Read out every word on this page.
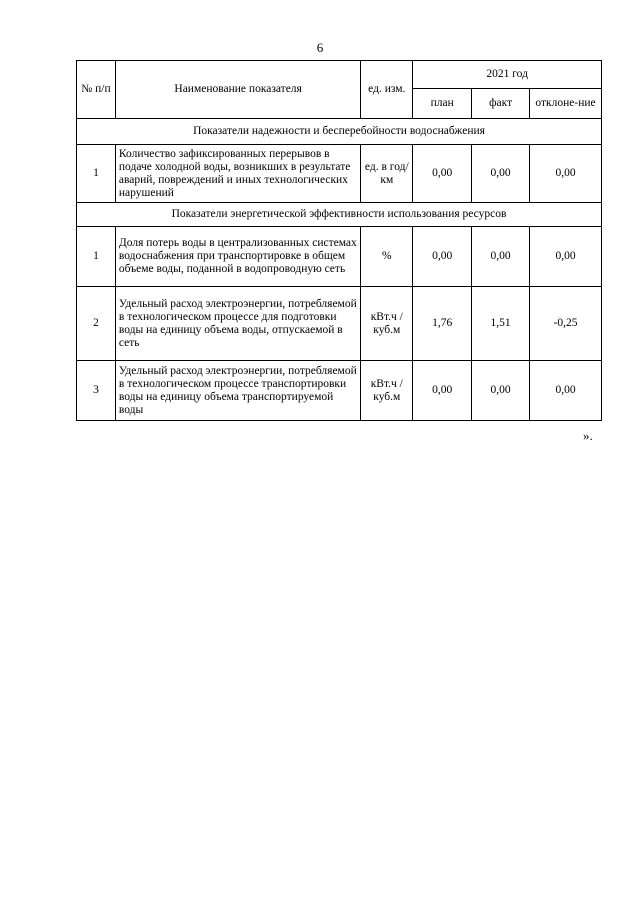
6
№ п/п	Наименование показателя	ед. изм.	2021 год		
			план	факт	отклоне-ние
Показатели надежности и бесперебойности водоснабжения					
1	Количество зафиксированных перерывов в подаче холодной воды, возникших в результате аварий, повреждений и иных технологических нарушений	ед. в год/ км	0,00	0,00	0,00
Показатели энергетической эффективности использования ресурсов					
1	Доля потерь воды в централизованных системах водоснабжения при транспортировке в общем объеме воды, поданной в водопроводную сеть	%	0,00	0,00	0,00
2	Удельный расход электроэнергии, потребляемой в технологическом процессе для подготовки воды на единицу объема воды, отпускаемой в сеть	кВт.ч / куб.м	1,76	1,51	-0,25
3	Удельный расход электроэнергии, потребляемой в технологическом процессе транспортировки воды на единицу объема транспортируемой воды	кВт.ч / куб.м	0,00	0,00	0,00
».
